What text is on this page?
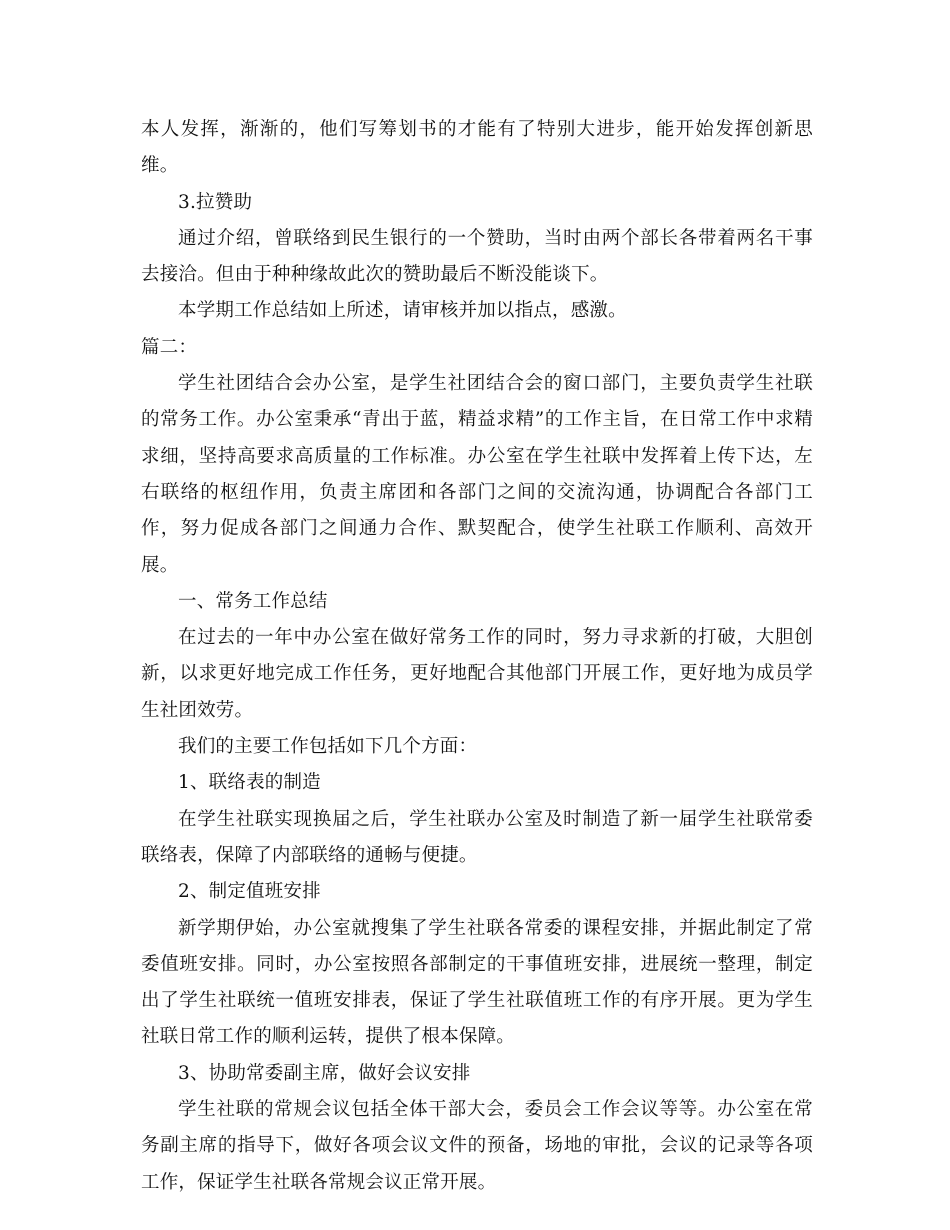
本人发挥，渐渐的，他们写筹划书的才能有了特别大进步，能开始发挥创新思维。

3.拉赞助

通过介绍，曾联络到民生银行的一个赞助，当时由两个部长各带着两名干事去接洽。但由于种种缘故此次的赞助最后不断没能谈下。

本学期工作总结如上所述，请审核并加以指点，感激。

篇二：

学生社团结合会办公室，是学生社团结合会的窗口部门，主要负责学生社联的常务工作。办公室秉承“青出于蓝，精益求精”的工作主旨，在日常工作中求精求细，坚持高要求高质量的工作标准。办公室在学生社联中发挥着上传下达，左右联络的枢纽作用，负责主席团和各部门之间的交流沟通，协调配合各部门工作，努力促成各部门之间通力合作、默契配合，使学生社联工作顺利、高效开展。

一、常务工作总结

在过去的一年中办公室在做好常务工作的同时，努力寻求新的打破，大胆创新，以求更好地完成工作任务，更好地配合其他部门开展工作，更好地为成员学生社团效劳。

我们的主要工作包括如下几个方面：

1、联络表的制造

在学生社联实现换届之后，学生社联办公室及时制造了新一届学生社联常委联络表，保障了内部联络的通畅与便捷。

2、制定值班安排

新学期伊始，办公室就搜集了学生社联各常委的课程安排，并据此制定了常委值班安排。同时，办公室按照各部制定的干事值班安排，进展统一整理，制定出了学生社联统一值班安排表，保证了学生社联值班工作的有序开展。更为学生社联日常工作的顺利运转，提供了根本保障。

3、协助常委副主席，做好会议安排

学生社联的常规会议包括全体干部大会，委员会工作会议等等。办公室在常务副主席的指导下，做好各项会议文件的预备，场地的审批，会议的记录等各项工作，保证学生社联各常规会议正常开展。
